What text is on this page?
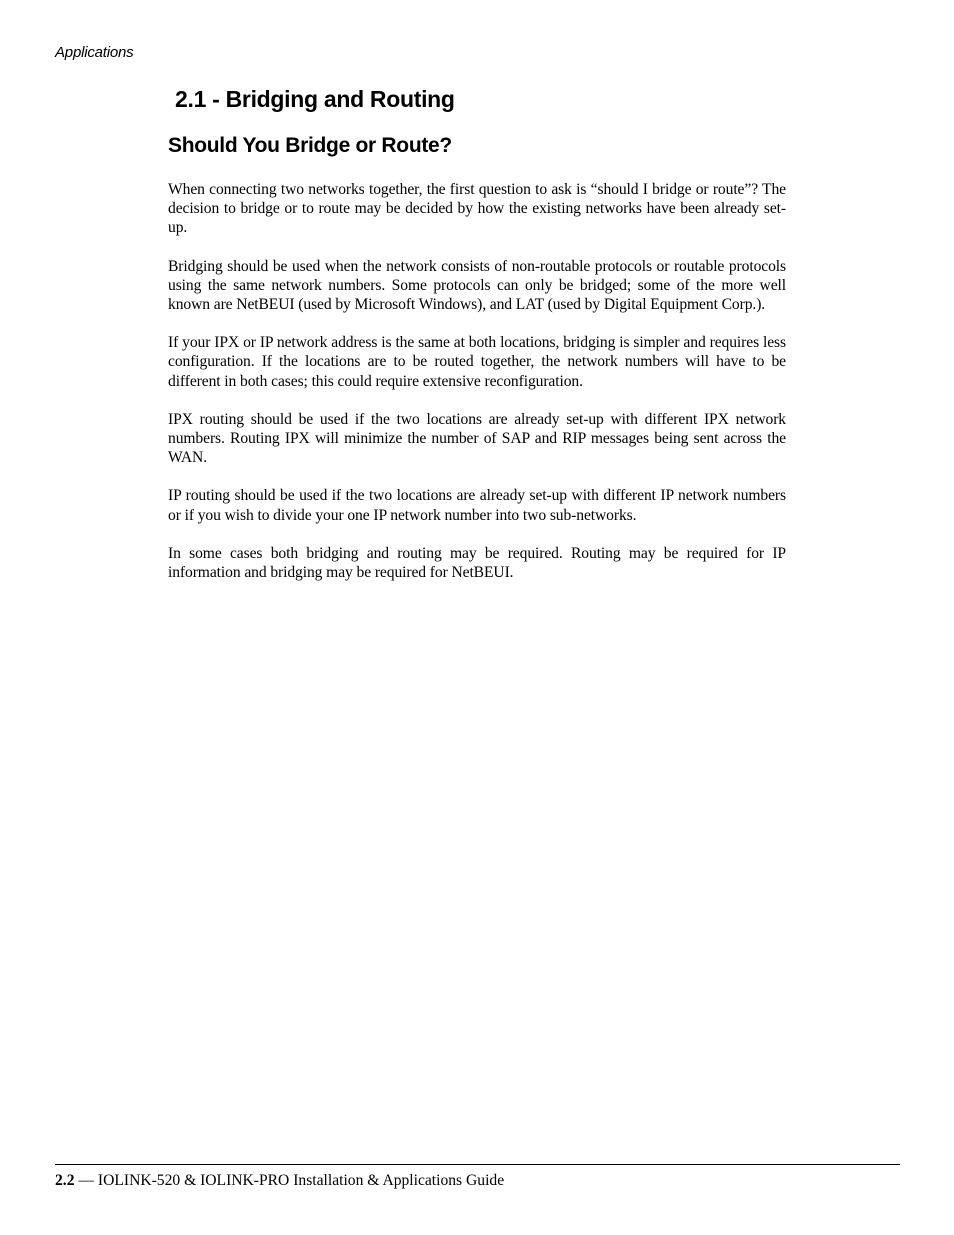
Applications
2.1 - Bridging and Routing
Should You Bridge or Route?

When connecting two networks together, the first question to ask is “should I bridge or route”? The decision to bridge or to route may be decided by how the existing networks have been already set-up.

Bridging should be used when the network consists of non-routable protocols or routable protocols using the same network numbers. Some protocols can only be bridged; some of the more well known are NetBEUI (used by Microsoft Windows), and LAT (used by Digital Equipment Corp.).

If your IPX or IP network address is the same at both locations, bridging is simpler and requires less configuration. If the locations are to be routed together, the network numbers will have to be different in both cases; this could require extensive reconfiguration.

IPX routing should be used if the two locations are already set-up with different IPX network numbers. Routing IPX will minimize the number of SAP and RIP messages being sent across the WAN.

IP routing should be used if the two locations are already set-up with different IP network numbers or if you wish to divide your one IP network number into two sub-networks.

In some cases both bridging and routing may be required. Routing may be required for IP information and bridging may be required for NetBEUI.

2.2 — IOLINK-520 & IOLINK-PRO Installation & Applications Guide
